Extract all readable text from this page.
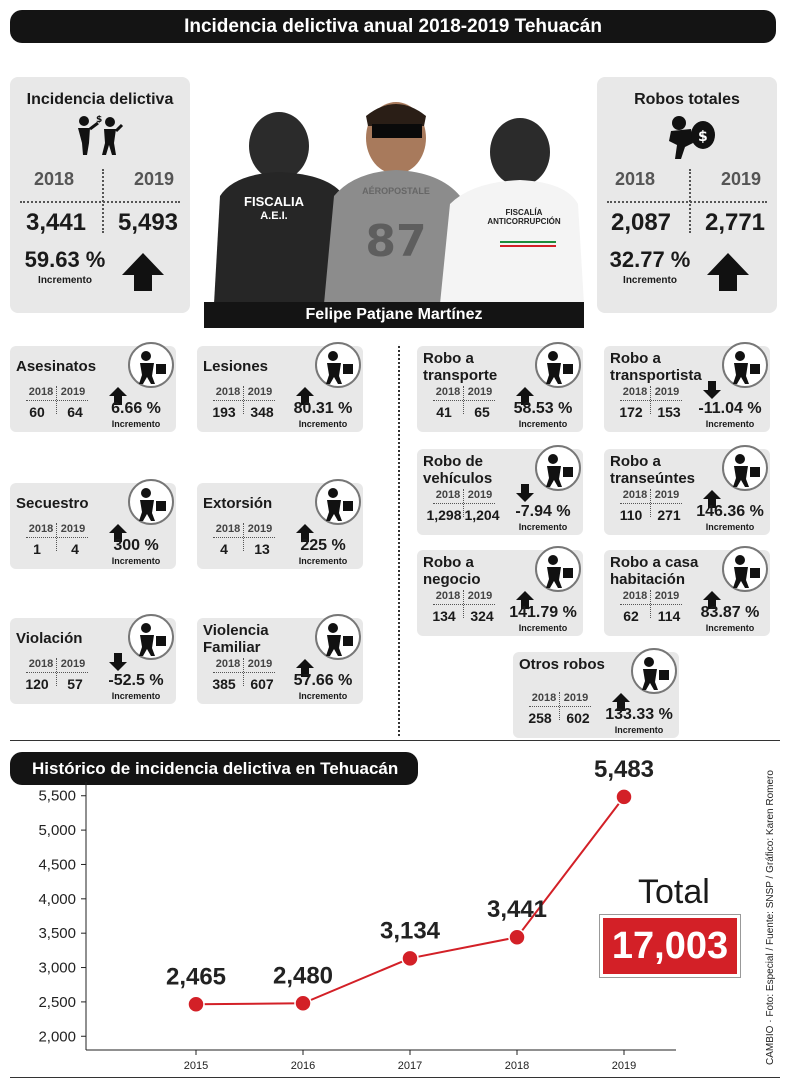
Incidencia delictiva anual 2018-2019 Tehuacán
Incidencia delictiva
$
2018	2019
3,441	5,493
59.63 %
Incremento
Robos totales
$
2018	2019
2,087	2,771
32.77 %
Incremento
87
FISCALIA
A.E.I.
AÉROPOSTALE
FISCALÍA ANTICORRUPCIÓN
Felipe Patjane Martínez
Asesinatos
2018 2019
60	64	6.66 %
Incremento
Lesiones
2018 2019
193	348	80.31 %
Incremento
Secuestro
2018 2019
1	4	300 %
Incremento
Extorsión
2018 2019
4	13	225 %
Incremento
Violación
2018 2019
120	57	-52.5 %
Incremento
Violencia Familiar
2018 2019
385	607	57.66 %
Incremento
Robo a transporte
2018 2019
41	65	58.53 %
Incremento
Robo a transportista
2018 2019
172	153	-11.04 %
Incremento
Robo de vehículos
2018 2019
1,298 1,204 -7.94 %
Incremento
Robo a transeúntes
2018 2019
110	271 146.36 %
Incremento
Robo a negocio
2018 2019
134	324 141.79 %
Incremento
Robo a casa habitación
2018 2019
62	114	83.87 %
Incremento
Otros robos
2018 2019
258	602 133.33 %
Incremento
Histórico de incidencia delictiva en Tehuacán
2,000
2,500
3,000
3,500
4,000
4,500
5,000
5,500
2015	2016	2017	2018	2019
2,465 2,480
3,134
3,441
5,483
Total
17,003	CAMBIO · Foto: Especial / Fuente: SNSP / Gráfico: Karen Romero
